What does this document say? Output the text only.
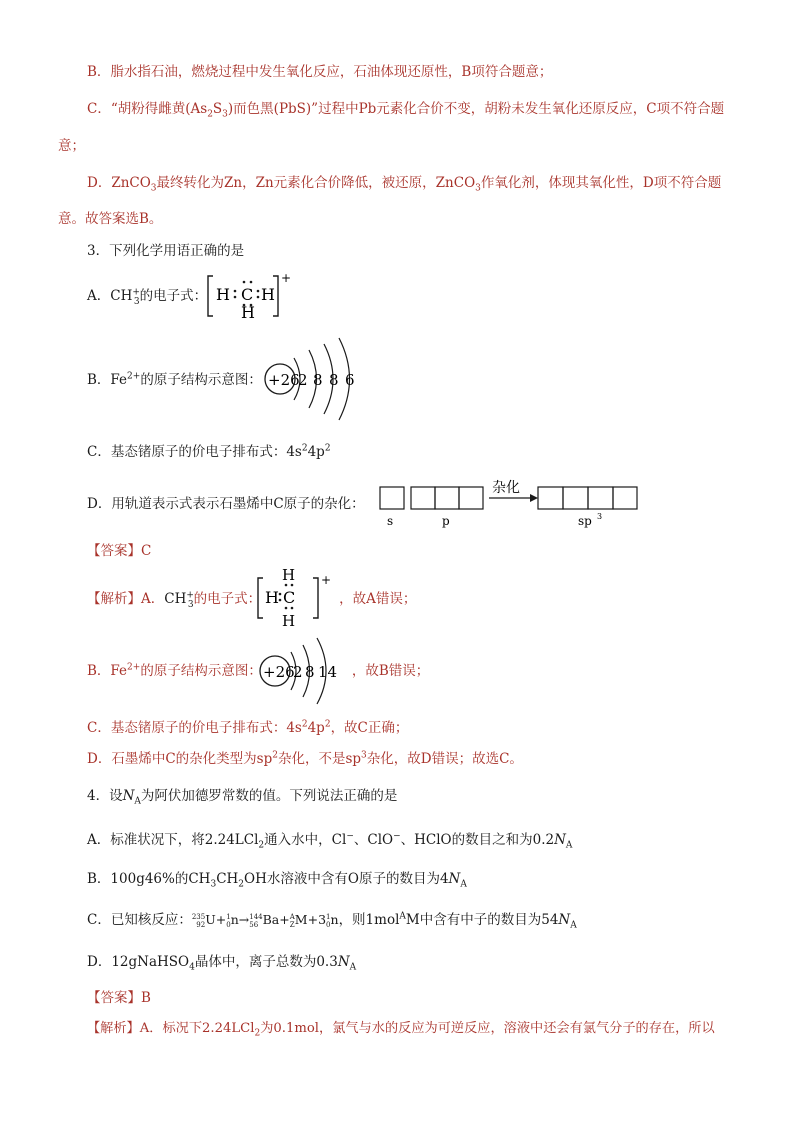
B．脂水指石油，燃烧过程中发生氧化反应，石油体现还原性，B项符合题意；
C．“胡粉得雌黄$(As_2S_3)$而色黑(PbS)”过程中Pb元素化合价不变，胡粉未发生氧化还原反应，C项不符合题
意；
D．ZnCO$_3$最终转化为Zn，Zn元素化合价降低，被还原，ZnCO$_3$作氧化剂，体现其氧化性，D项不符合题
意。故答案选B。
3．下列化学用语正确的是
A．$CH^+_3$的电子式： H C H
H
+
B．$Fe^{2+}$的原子结构示意图： +26
2 8 8 6
C．基态锗原子的价电子排布式：$4s^24p^2$
D．用轨道表示式表示石墨烯中C原子的杂化：
杂化
s	p	sp 3
【答案】C
【解析】A．$CH^+_3$的电子式：	，故A错误；
H
H C
H
+
B．$Fe^{2+}$的原子结构示意图：	，故B错误；
+26
2 8 14
C．基态锗原子的价电子排布式：$4s^24p^2$，故C正确；
D．石墨烯中C的杂化类型为$sp^2$杂化，不是$sp^3$杂化，故D错误；故选C。
4．设$N_A$为阿伏加德罗常数的值。下列说法正确的是
A．标准状况下，将2.24LCl$_2$通入水中，Cl−、ClO−、HClO的数目之和为$0.2N_A$
B．100g46%的$CH_3CH_2OH$水溶液中含有O原子的数目为$4N_A$
C．已知核反应：235
92U+1
0n→144
56 Ba+A
ZM+31
0n，则1mol$^A$M中含有中子的数目为$54N_A$
D．12gNaHSO$_4$晶体中，离子总数为$0.3N_A$
【答案】B
【解析】A．标况下2.24LCl$_2$为0.1mol，氯气与水的反应为可逆反应，溶液中还会有氯气分子的存在，所以
